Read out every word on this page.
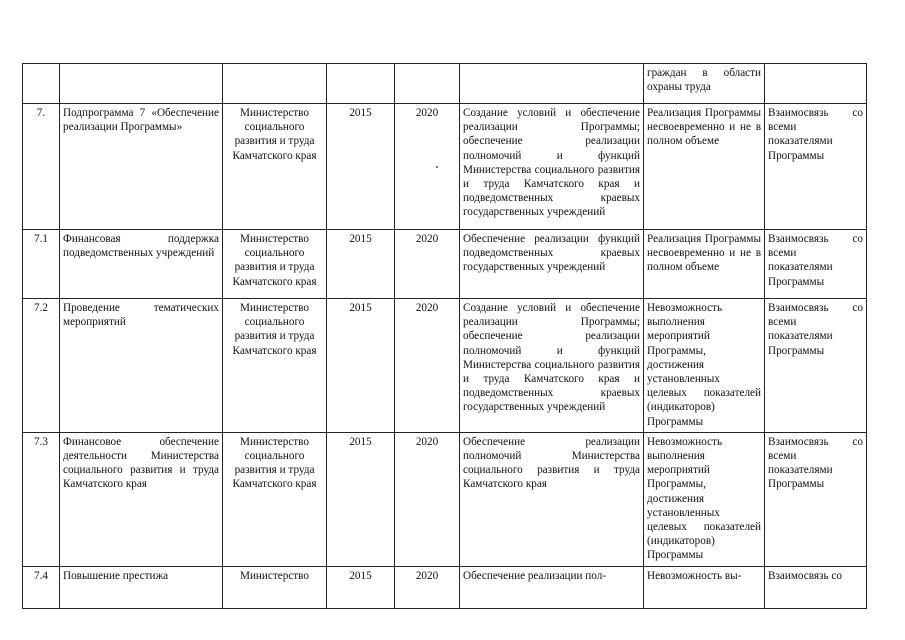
						граждан в области охраны труда	
7.	Подпрограмма 7 «Обеспечение реализации Программы»	Министерство социального развития и труда Камчатского края	2015	2020	Создание условий и обеспечение реализации Программы; обеспечение реализации полномочий и функций Министерства социального развития и труда Камчатского края и подведомственных краевых государственных учреждений	Реализация Программы несвоевременно и не в полном объеме	Взаимосвязь со всеми показателями Программы
7.1	Финансовая поддержка подведомственных учреждений	Министерство социального развития и труда Камчатского края	2015	2020	Обеспечение реализации функций подведомственных краевых государственных учреждений	Реализация Программы несвоевременно и не в полном объеме	Взаимосвязь со всеми показателями Программы
7.2	Проведение тематических мероприятий	Министерство социального развития и труда Камчатского края	2015	2020	Создание условий и обеспечение реализации Программы; обеспечение реализации полномочий и функций Министерства социального развития и труда Камчатского края и подведомственных краевых государственных учреждений	Невозможность выполнения мероприятий Программы, достижения установленных целевых показателей (индикаторов) Программы	Взаимосвязь со всеми показателями Программы
7.3	Финансовое обеспечение деятельности Министерства социального развития и труда Камчатского края	Министерство социального развития и труда Камчатского края	2015	2020	Обеспечение реализации полномочий Министерства социального развития и труда Камчатского края	Невозможность выполнения мероприятий Программы, достижения установленных целевых показателей (индикаторов) Программы	Взаимосвязь со всеми показателями Программы
7.4	Повышение престижа	Министерство	2015	2020	Обеспечение реализации пол-	Невозможность вы-	Взаимосвязь со
